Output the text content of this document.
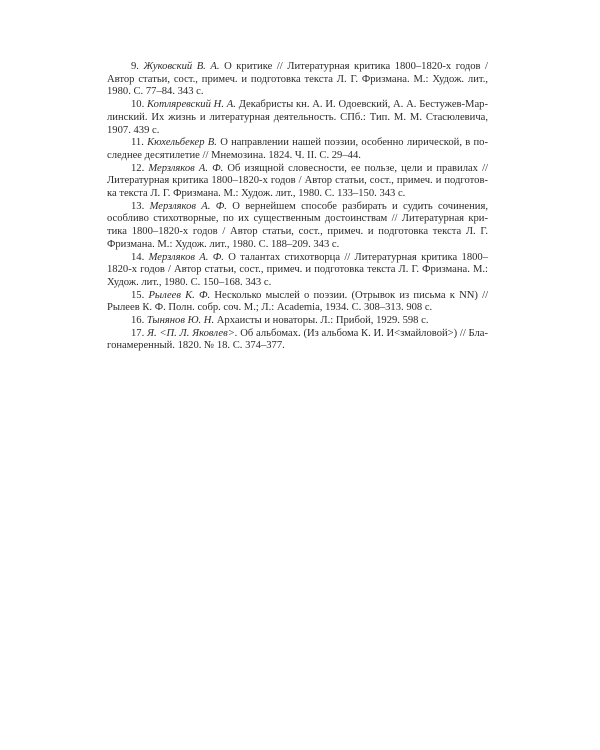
9. Жуковский В. А. О критике // Литературная критика 1800–1820-х годов / Автор статьи, сост., примеч. и подготовка текста Л. Г. Фризмана. М.: Худож. лит., 1980. С. 77–84. 343 с.

10. Котляревский Н. А. Декабристы кн. А. И. Одоевский, А. А. Бестужев-Марлинский. Их жизнь и литературная деятельность. СПб.: Тип. М. М. Стасюлевича, 1907. 439 с.

11. Кюхельбекер В. О направлении нашей поэзии, особенно лирической, в последнее десятилетие // Мнемозина. 1824. Ч. II. С. 29–44.

12. Мерзляков А. Ф. Об изящной словесности, ее пользе, цели и правилах // Литературная критика 1800–1820-х годов / Автор статьи, сост., примеч. и подготовка текста Л. Г. Фризмана. М.: Худож. лит., 1980. С. 133–150. 343 с.

13. Мерзляков А. Ф. О вернейшем способе разбирать и судить сочинения, особливо стихотворные, по их существенным достоинствам // Литературная критика 1800–1820-х годов / Автор статьи, сост., примеч. и подготовка текста Л. Г. Фризмана. М.: Худож. лит., 1980. С. 188–209. 343 с.

14. Мерзляков А. Ф. О талантах стихотворца // Литературная критика 1800–1820-х годов / Автор статьи, сост., примеч. и подготовка текста Л. Г. Фризмана. М.: Худож. лит., 1980. С. 150–168. 343 с.

15. Рылеев К. Ф. Несколько мыслей о поэзии. (Отрывок из письма к NN) // Рылеев К. Ф. Полн. собр. соч. М.; Л.: Academia, 1934. С. 308–313. 908 с.

16. Тынянов Ю. Н. Архаисты и новаторы. Л.: Прибой, 1929. 598 с.

17. Я. <П. Л. Яковлев>. Об альбомах. (Из альбома К. И. И<змайловой>) // Благонамеренный. 1820. № 18. С. 374–377.
